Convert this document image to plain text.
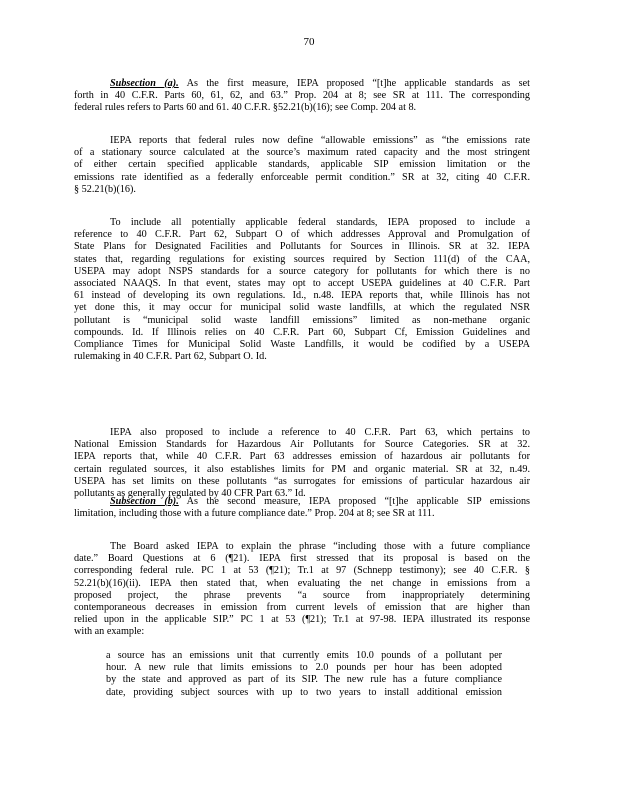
70
Subsection (a). As the first measure, IEPA proposed “[t]he applicable standards as set
forth in 40 C.F.R. Parts 60, 61, 62, and 63.” Prop. 204 at 8; see SR at 111. The corresponding
federal rules refers to Parts 60 and 61. 40 C.F.R. §52.21(b)(16); see Comp. 204 at 8.
IEPA reports that federal rules now define “allowable emissions” as “the emissions rate
of a stationary source calculated at the source’s maximum rated capacity and the most stringent
of either certain specified applicable standards, applicable SIP emission limitation or the
emissions rate identified as a federally enforceable permit condition.” SR at 32, citing 40 C.F.R.
§ 52.21(b)(16).
To include all potentially applicable federal standards, IEPA proposed to include a
reference to 40 C.F.R. Part 62, Subpart O of which addresses Approval and Promulgation of
State Plans for Designated Facilities and Pollutants for Sources in Illinois. SR at 32. IEPA
states that, regarding regulations for existing sources required by Section 111(d) of the CAA,
USEPA may adopt NSPS standards for a source category for pollutants for which there is no
associated NAAQS. In that event, states may opt to accept USEPA guidelines at 40 C.F.R. Part
61 instead of developing its own regulations. Id., n.48. IEPA reports that, while Illinois has not
yet done this, it may occur for municipal solid waste landfills, at which the regulated NSR
pollutant is “municipal solid waste landfill emissions” limited as non-methane organic
compounds. Id. If Illinois relies on 40 C.F.R. Part 60, Subpart Cf, Emission Guidelines and
Compliance Times for Municipal Solid Waste Landfills, it would be codified by a USEPA
rulemaking in 40 C.F.R. Part 62, Subpart O. Id.
IEPA also proposed to include a reference to 40 C.F.R. Part 63, which pertains to
National Emission Standards for Hazardous Air Pollutants for Source Categories. SR at 32.
IEPA reports that, while 40 C.F.R. Part 63 addresses emission of hazardous air pollutants for
certain regulated sources, it also establishes limits for PM and organic material. SR at 32, n.49.
USEPA has set limits on these pollutants “as surrogates for emissions of particular hazardous air
pollutants as generally regulated by 40 CFR Part 63.” Id.
Subsection (b). As the second measure, IEPA proposed “[t]he applicable SIP emissions
limitation, including those with a future compliance date.” Prop. 204 at 8; see SR at 111.
The Board asked IEPA to explain the phrase “including those with a future compliance
date.” Board Questions at 6 (¶21). IEPA first stressed that its proposal is based on the
corresponding federal rule. PC 1 at 53 (¶21); Tr.1 at 97 (Schnepp testimony); see 40 C.F.R. §
52.21(b)(16)(ii). IEPA then stated that, when evaluating the net change in emissions from a
proposed project, the phrase prevents “a source from inappropriately determining
contemporaneous decreases in emission from current levels of emission that are higher than
relied upon in the applicable SIP.” PC 1 at 53 (¶21); Tr.1 at 97-98. IEPA illustrated its response
with an example:
a source has an emissions unit that currently emits 10.0 pounds of a pollutant per
hour. A new rule that limits emissions to 2.0 pounds per hour has been adopted
by the state and approved as part of its SIP. The new rule has a future compliance
date, providing subject sources with up to two years to install additional emission
